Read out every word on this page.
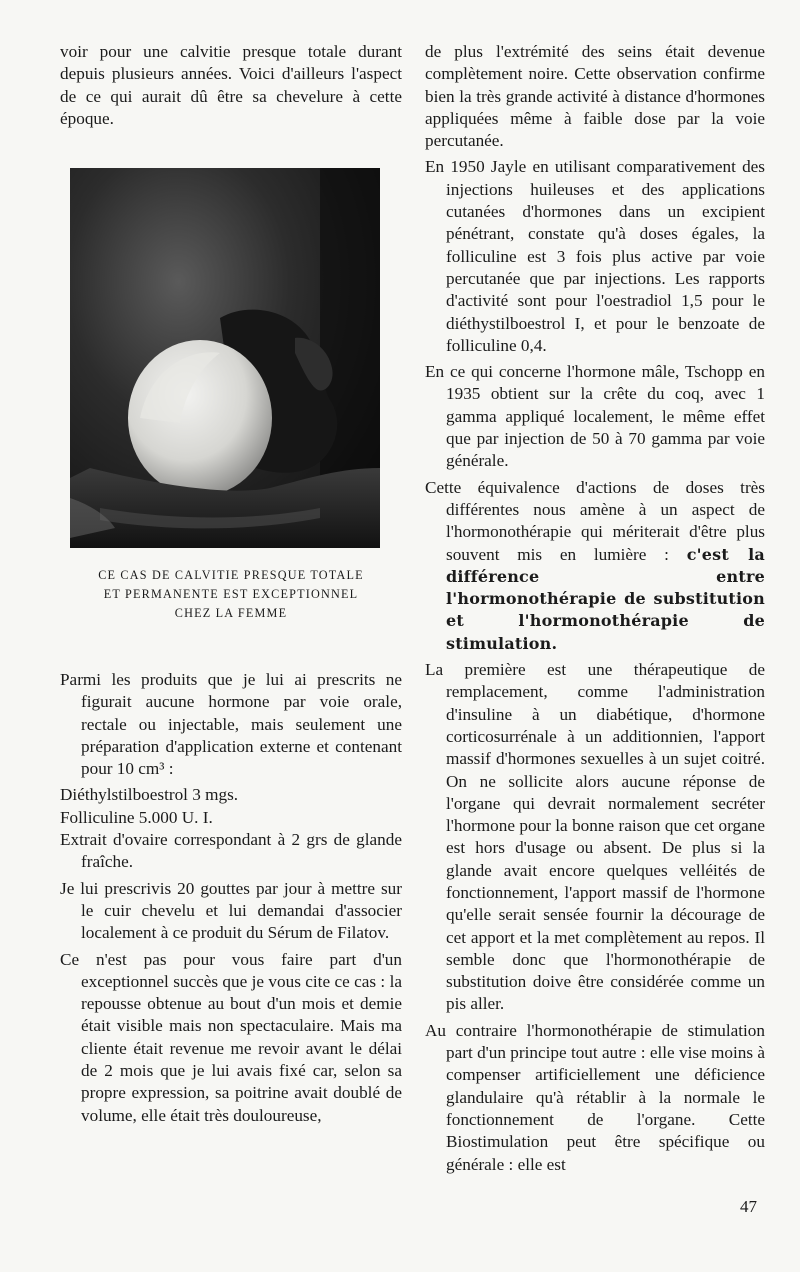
voir pour une calvitie presque totale durant depuis plusieurs années. Voici d'ailleurs l'aspect de ce qui aurait dû être sa chevelure à cette époque.

CE CAS DE CALVITIE PRESQUE TOTALE
ET PERMANENTE EST EXCEPTIONNEL
CHEZ LA FEMME

Parmi les produits que je lui ai prescrits ne figurait aucune hormone par voie orale, rectale ou injectable, mais seulement une préparation d'application externe et contenant pour 10 cm³ :

Diéthylstilboestrol 3 mgs.

Folliculine 5.000 U. I.

Extrait d'ovaire correspondant à 2 grs de glande fraîche.

Je lui prescrivis 20 gouttes par jour à mettre sur le cuir chevelu et lui demandai d'associer localement à ce produit du Sérum de Filatov.

Ce n'est pas pour vous faire part d'un exceptionnel succès que je vous cite ce cas : la repousse obtenue au bout d'un mois et demie était visible mais non spectaculaire. Mais ma cliente était revenue me revoir avant le délai de 2 mois que je lui avais fixé car, selon sa propre expression, sa poitrine avait doublé de volume, elle était très douloureuse,

de plus l'extrémité des seins était devenue complètement noire. Cette observation confirme bien la très grande activité à distance d'hormones appliquées même à faible dose par la voie percutanée.

En 1950 Jayle en utilisant comparativement des injections huileuses et des applications cutanées d'hormones dans un excipient pénétrant, constate qu'à doses égales, la folliculine est 3 fois plus active par voie percutanée que par injections. Les rapports d'activité sont pour l'oestradiol 1,5 pour le diéthystilboestrol I, et pour le benzoate de folliculine 0,4.

En ce qui concerne l'hormone mâle, Tschopp en 1935 obtient sur la crête du coq, avec 1 gamma appliqué localement, le même effet que par injection de 50 à 70 gamma par voie générale.

Cette équivalence d'actions de doses très différentes nous amène à un aspect de l'hormonothérapie qui mériterait d'être plus souvent mis en lumière : c'est la différence entre l'hormonothérapie de substitution et l'hormonothérapie de stimulation.

La première est une thérapeutique de remplacement, comme l'administration d'insuline à un diabétique, d'hormone corticosurrénale à un additionnien, l'apport massif d'hormones sexuelles à un sujet coitré. On ne sollicite alors aucune réponse de l'organe qui devrait normalement secréter l'hormone pour la bonne raison que cet organe est hors d'usage ou absent. De plus si la glande avait encore quelques velléités de fonctionnement, l'apport massif de l'hormone qu'elle serait sensée fournir la décourage de cet apport et la met complètement au repos. Il semble donc que l'hormonothérapie de substitution doive être considérée comme un pis aller.

Au contraire l'hormonothérapie de stimulation part d'un principe tout autre : elle vise moins à compenser artificiellement une déficience glandulaire qu'à rétablir à la normale le fonctionnement de l'organe. Cette Biostimulation peut être spécifique ou générale : elle est

47
